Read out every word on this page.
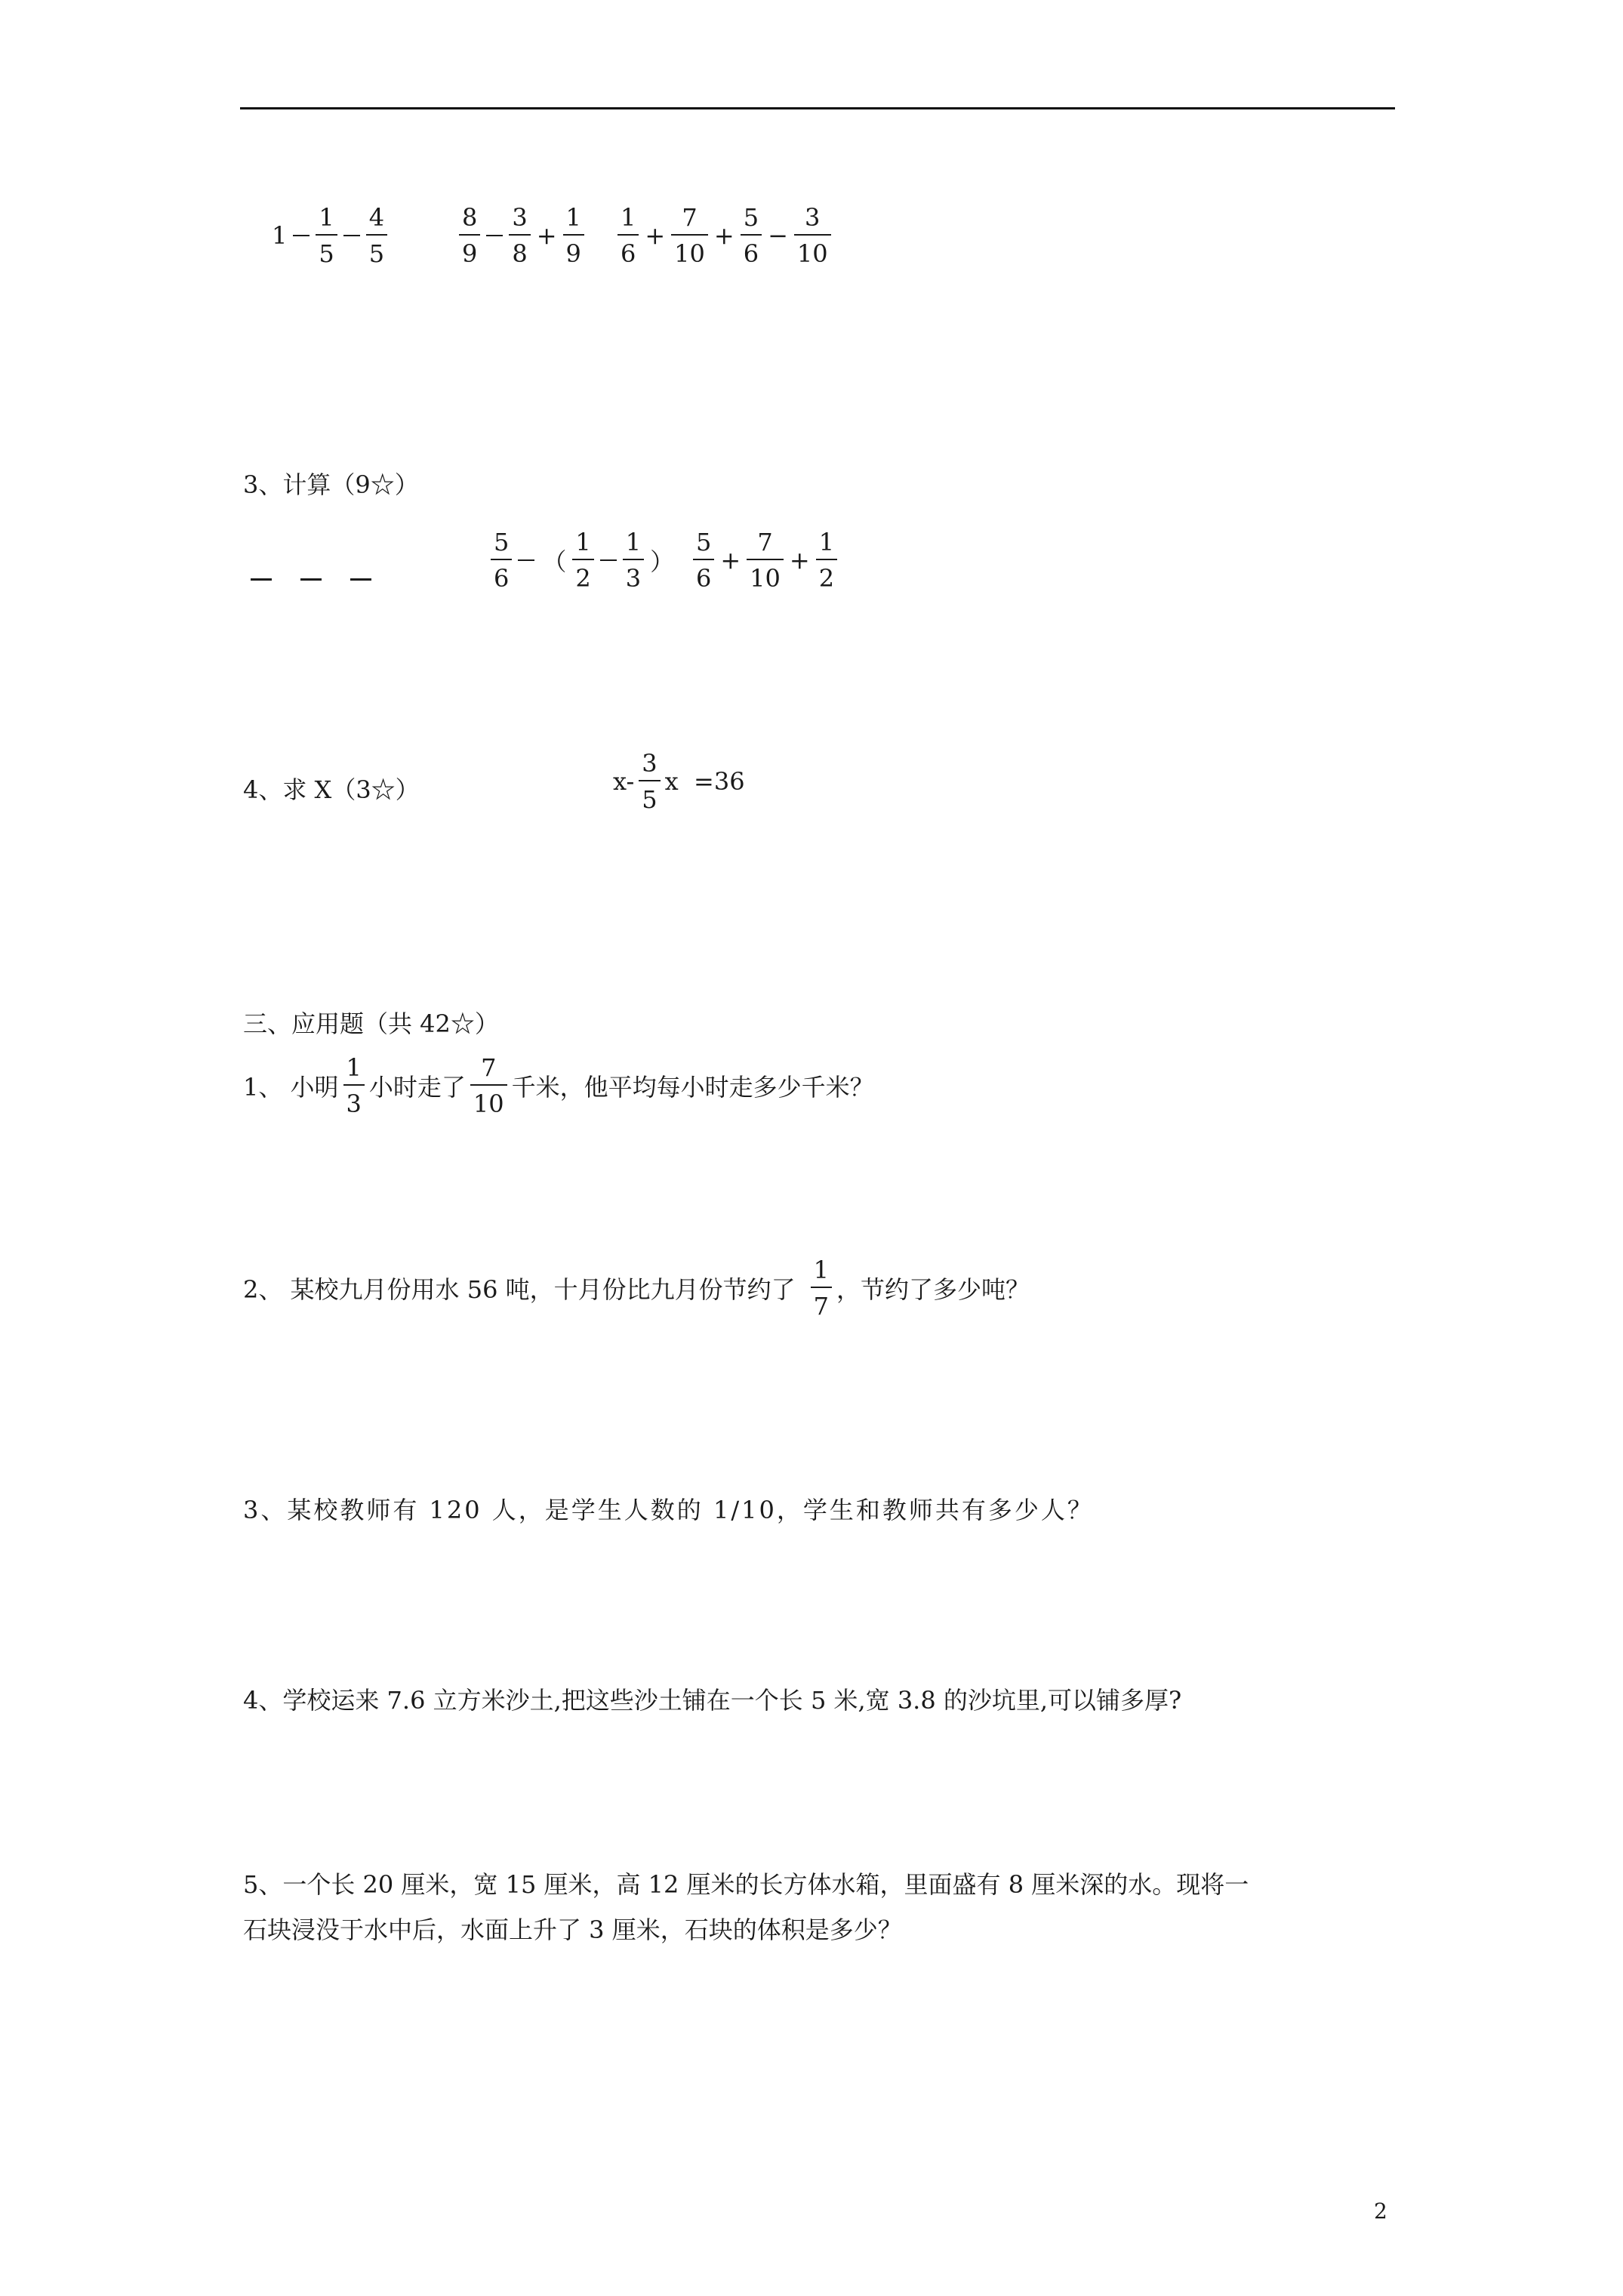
$1 \frac{1}{5} \frac{4}{5}$	$\frac{8}{9} \frac{3}{8} + \frac{1}{9} \frac{1}{6} + \frac{7}{10} + \frac{5}{6} - \frac{3}{10}$
3、计算（9☆）
$\frac{5}{6}$ （ $\frac{1}{2} \frac{1}{3}$ ） $\frac{5}{6} + \frac{7}{10} + \frac{1}{2}$
4、求 X（3☆）	$x- \frac{3}{5}$ x  =36
三、应用题（共 42☆）
1、 小明 $\frac{1}{3}$ 小时走了 $\frac{7}{10}$ 千米，他平均每小时走多少千米？
2、 某校九月份用水 56 吨，十月份比九月份节约了 $\frac{1}{7}$ ，节约了多少吨？
3、某校教师有 120 人，是学生人数的 1/10，学生和教师共有多少人？
4、学校运来 7.6 立方米沙土,把这些沙土铺在一个长 5 米,宽 3.8 的沙坑里,可以铺多厚?
5、一个长 20 厘米，宽 15 厘米，高 12 厘米的长方体水箱，里面盛有 8 厘米深的水。现将一
石块浸没于水中后，水面上升了 3 厘米，石块的体积是多少？
2
